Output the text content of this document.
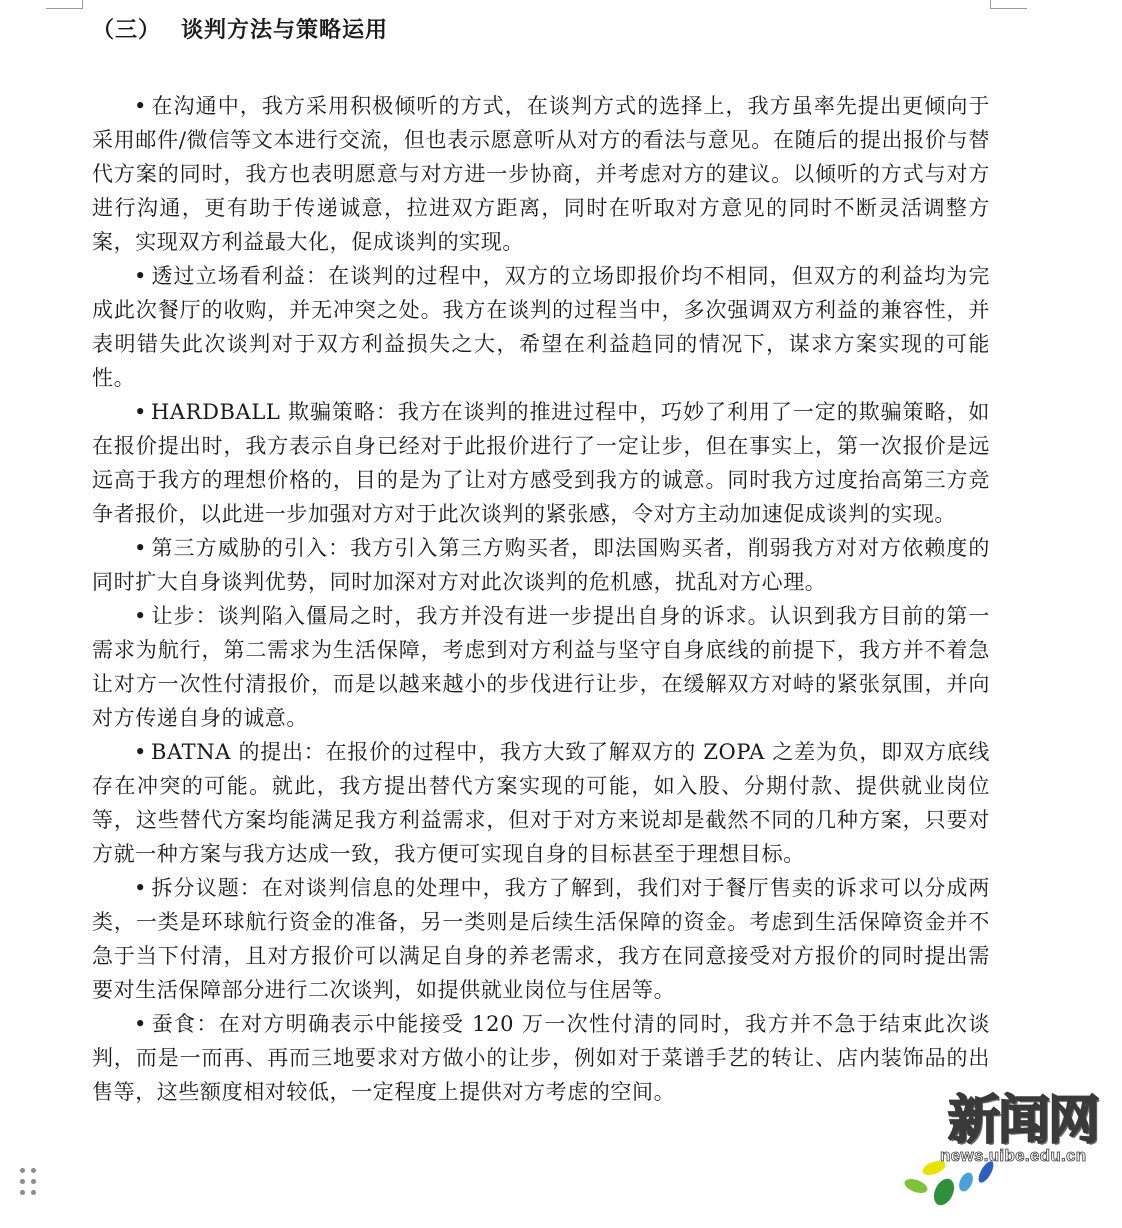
（三） 谈判方法与策略运用

• 在沟通中，我方采用积极倾听的方式，在谈判方式的选择上，我方虽率先提出更倾向于采用邮件/微信等文本进行交流，但也表示愿意听从对方的看法与意见。在随后的提出报价与替代方案的同时，我方也表明愿意与对方进一步协商，并考虑对方的建议。以倾听的方式与对方进行沟通，更有助于传递诚意，拉进双方距离，同时在听取对方意见的同时不断灵活调整方案，实现双方利益最大化，促成谈判的实现。

• 透过立场看利益：在谈判的过程中，双方的立场即报价均不相同，但双方的利益均为完成此次餐厅的收购，并无冲突之处。我方在谈判的过程当中，多次强调双方利益的兼容性，并表明错失此次谈判对于双方利益损失之大，希望在利益趋同的情况下，谋求方案实现的可能性。

• HARDBALL 欺骗策略：我方在谈判的推进过程中，巧妙了利用了一定的欺骗策略，如在报价提出时，我方表示自身已经对于此报价进行了一定让步，但在事实上，第一次报价是远远高于我方的理想价格的，目的是为了让对方感受到我方的诚意。同时我方过度抬高第三方竞争者报价，以此进一步加强对方对于此次谈判的紧张感，令对方主动加速促成谈判的实现。

• 第三方威胁的引入：我方引入第三方购买者，即法国购买者，削弱我方对对方依赖度的同时扩大自身谈判优势，同时加深对方对此次谈判的危机感，扰乱对方心理。

• 让步：谈判陷入僵局之时，我方并没有进一步提出自身的诉求。认识到我方目前的第一需求为航行，第二需求为生活保障，考虑到对方利益与坚守自身底线的前提下，我方并不着急让对方一次性付清报价，而是以越来越小的步伐进行让步，在缓解双方对峙的紧张氛围，并向对方传递自身的诚意。

• BATNA 的提出：在报价的过程中，我方大致了解双方的 ZOPA 之差为负，即双方底线存在冲突的可能。就此，我方提出替代方案实现的可能，如入股、分期付款、提供就业岗位等，这些替代方案均能满足我方利益需求，但对于对方来说却是截然不同的几种方案，只要对方就一种方案与我方达成一致，我方便可实现自身的目标甚至于理想目标。

• 拆分议题：在对谈判信息的处理中，我方了解到，我们对于餐厅售卖的诉求可以分成两类，一类是环球航行资金的准备，另一类则是后续生活保障的资金。考虑到生活保障资金并不急于当下付清，且对方报价可以满足自身的养老需求，我方在同意接受对方报价的同时提出需要对生活保障部分进行二次谈判，如提供就业岗位与住居等。

• 蚕食：在对方明确表示中能接受 120 万一次性付清的同时，我方并不急于结束此次谈判，而是一而再、再而三地要求对方做小的让步，例如对于菜谱手艺的转让、店内装饰品的出售等，这些额度相对较低，一定程度上提供对方考虑的空间。	新闻网
news.uibe.edu.cn
